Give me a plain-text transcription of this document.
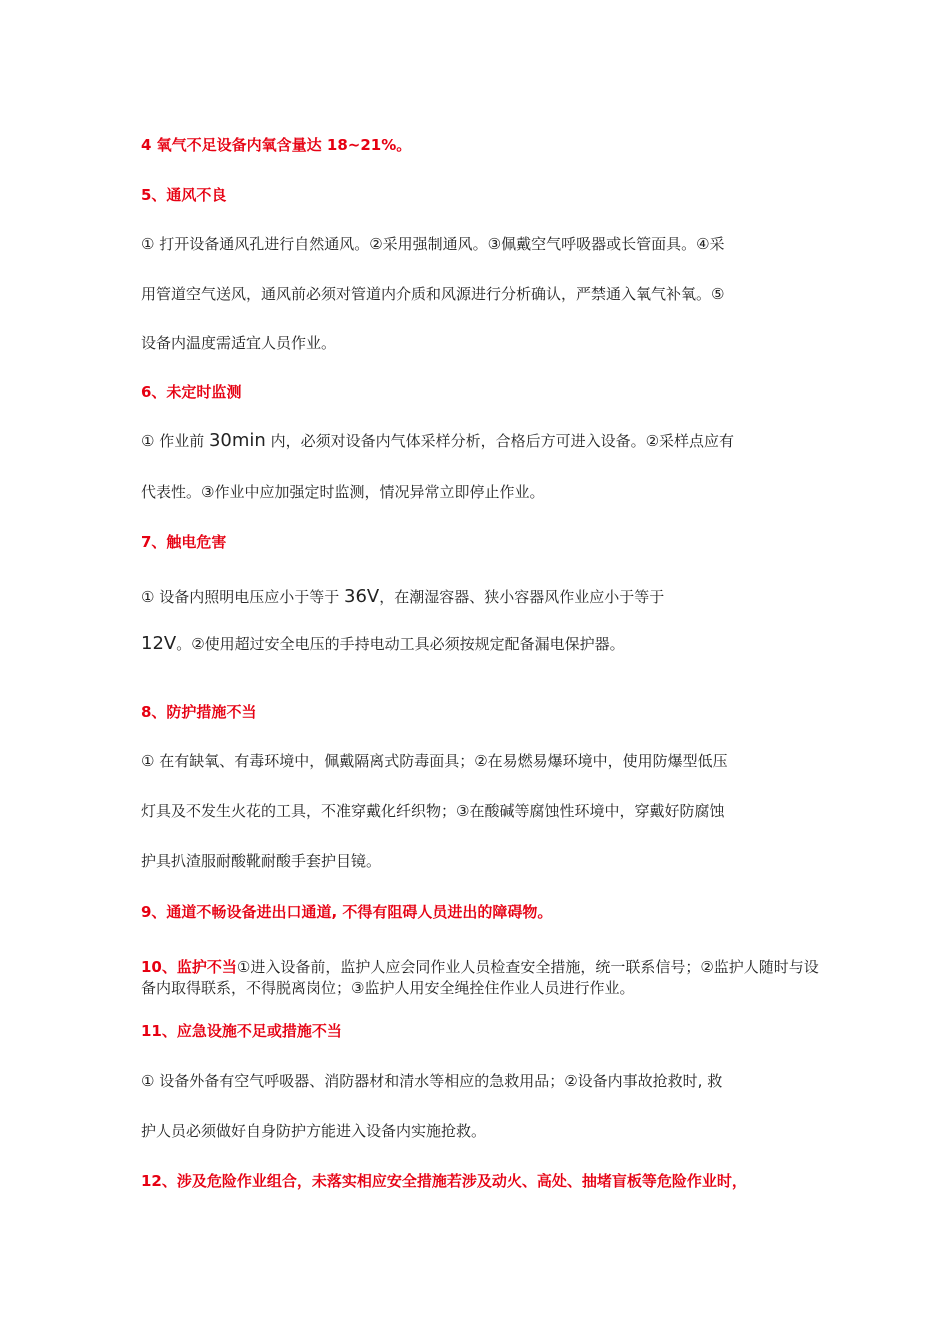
4 氧气不足设备内氧含量达 18~21%。
5、通风不良
① 打开设备通风孔进行自然通风。②采用强制通风。③佩戴空气呼吸器或长管面具。④采
用管道空气送风，通风前必须对管道内介质和风源进行分析确认，严禁通入氧气补氧。⑤
设备内温度需适宜人员作业。
6、未定时监测
① 作业前 30min 内，必须对设备内气体采样分析，合格后方可进入设备。②采样点应有
代表性。③作业中应加强定时监测，情况异常立即停止作业。
7、触电危害
① 设备内照明电压应小于等于 36V，在潮湿容器、狭小容器风作业应小于等于
12V。②使用超过安全电压的手持电动工具必须按规定配备漏电保护器。
8、防护措施不当
① 在有缺氧、有毒环境中，佩戴隔离式防毒面具；②在易燃易爆环境中，使用防爆型低压
灯具及不发生火花的工具，不准穿戴化纤织物；③在酸碱等腐蚀性环境中，穿戴好防腐蚀
护具扒渣服耐酸靴耐酸手套护目镜。
9、通道不畅设备进出口通道, 不得有阻碍人员进出的障碍物。
10、监护不当①进入设备前，监护人应会同作业人员检查安全措施，统一联系信号；②监护人随时与设备内取得联系，不得脱离岗位；③监护人用安全绳拴住作业人员进行作业。
11、应急设施不足或措施不当
① 设备外备有空气呼吸器、消防器材和清水等相应的急救用品；②设备内事故抢救时, 救
护人员必须做好自身防护方能进入设备内实施抢救。
12、涉及危险作业组合，未落实相应安全措施若涉及动火、高处、抽堵盲板等危险作业时，
